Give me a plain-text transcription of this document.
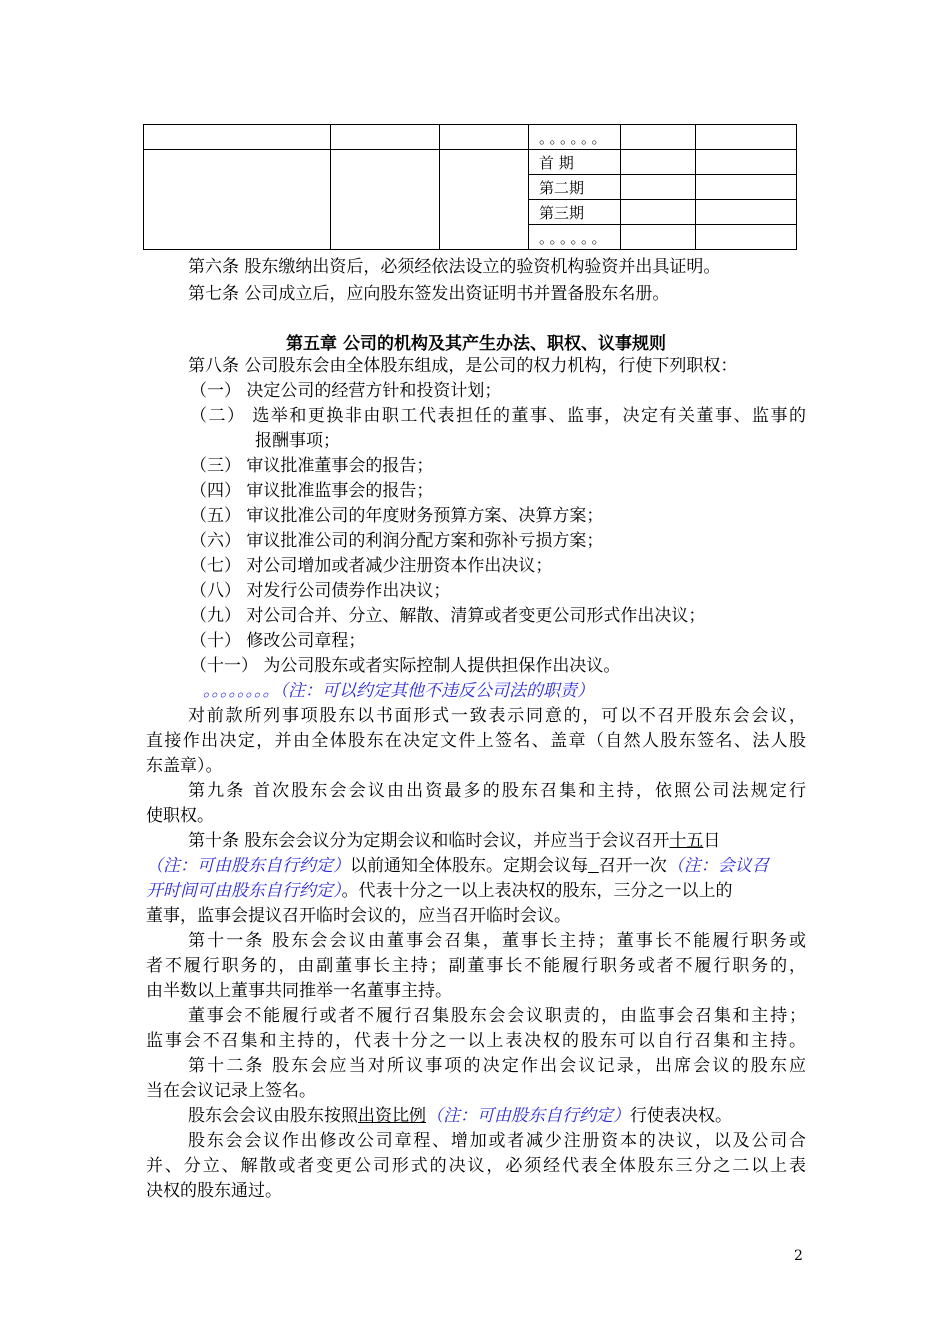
			。。。。。。		
			首 期		
			第二期		
			第三期		
			。。。。。。		
第六条 股东缴纳出资后，必须经依法设立的验资机构验资并出具证明。
第七条 公司成立后，应向股东签发出资证明书并置备股东名册。
第五章 公司的机构及其产生办法、职权、议事规则
第八条 公司股东会由全体股东组成，是公司的权力机构，行使下列职权：
（一） 决定公司的经营方针和投资计划；
（二） 选举和更换非由职工代表担任的董事、监事，决定有关董事、监事的
报酬事项；
（三） 审议批准董事会的报告；
（四） 审议批准监事会的报告；
（五） 审议批准公司的年度财务预算方案、决算方案；
（六） 审议批准公司的利润分配方案和弥补亏损方案；
（七） 对公司增加或者减少注册资本作出决议；
（八） 对发行公司债券作出决议；
（九） 对公司合并、分立、解散、清算或者变更公司形式作出决议；
（十） 修改公司章程；
（十一） 为公司股东或者实际控制人提供担保作出决议。
。。。。。。。。（注：可以约定其他不违反公司法的职责）
对前款所列事项股东以书面形式一致表示同意的，可以不召开股东会会议，
直接作出决定，并由全体股东在决定文件上签名、盖章（自然人股东签名、法人股
东盖章）。
第九条 首次股东会会议由出资最多的股东召集和主持，依照公司法规定行
使职权。
第十条 股东会会议分为定期会议和临时会议，并应当于会议召开十五日
（注：可由股东自行约定）以前通知全体股东。定期会议每 召开一次（注：会议召
开时间可由股东自行约定）。代表十分之一以上表决权的股东，三分之一以上的
董事，监事会提议召开临时会议的，应当召开临时会议。
第十一条 股东会会议由董事会召集，董事长主持；董事长不能履行职务或
者不履行职务的，由副董事长主持；副董事长不能履行职务或者不履行职务的，
由半数以上董事共同推举一名董事主持。
董事会不能履行或者不履行召集股东会会议职责的，由监事会召集和主持；
监事会不召集和主持的，代表十分之一以上表决权的股东可以自行召集和主持。
第十二条 股东会应当对所议事项的决定作出会议记录，出席会议的股东应
当在会议记录上签名。
股东会会议由股东按照出资比例（注：可由股东自行约定）行使表决权。
股东会会议作出修改公司章程、增加或者减少注册资本的决议，以及公司合
并、分立、解散或者变更公司形式的决议，必须经代表全体股东三分之二以上表
决权的股东通过。
2
